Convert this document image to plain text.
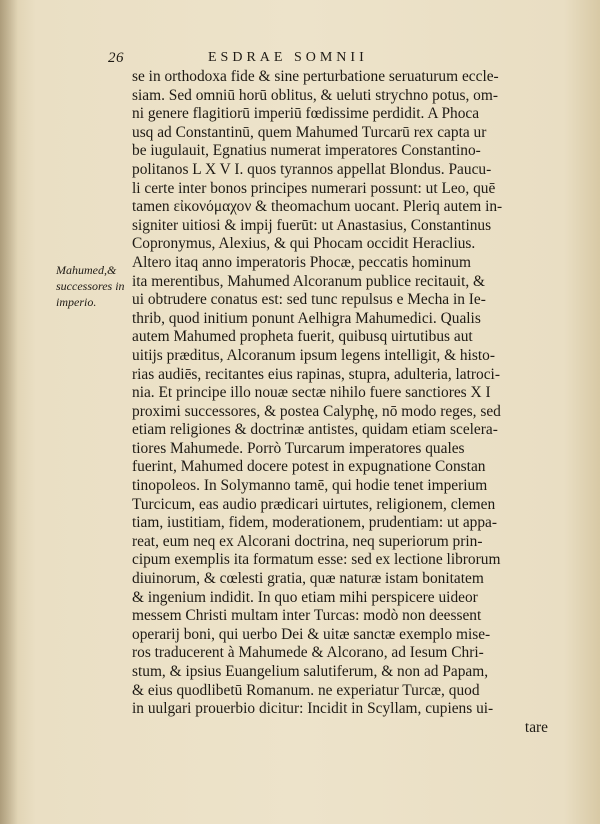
26	ESDRAE SOMNII
Mahumed,&
successores in
imperio.
se in orthodoxa fide & sine perturbatione seruaturum eccle-
siam. Sed omniū horū oblitus, & ueluti strychno potus, om-
ni genere flagitiorū imperiū fœdissime perdidit. A Phoca
usq ad Constantinū, quem Mahumed Turcarū rex capta ur
be iugulauit, Egnatius numerat imperatores Constantino-
politanos L X V I. quos tyrannos appellat Blondus. Paucu-
li certe inter bonos principes numerari possunt: ut Leo, quē
tamen εἰκονόμαχον & theomachum uocant. Pleriq autem in-
signiter uitiosi & impij fuerūt: ut Anastasius, Constantinus
Copronymus, Alexius, & qui Phocam occidit Heraclius.
Altero itaq anno imperatoris Phocæ, peccatis hominum
ita merentibus, Mahumed Alcoranum publice recitauit, &
ui obtrudere conatus est: sed tunc repulsus e Mecha in Ie-
thrib, quod initium ponunt Aelhigra Mahumedici. Qualis
autem Mahumed propheta fuerit, quibusq uirtutibus aut
uitijs præditus, Alcoranum ipsum legens intelligit, & histo-
rias audiēs, recitantes eius rapinas, stupra, adulteria, latroci-
nia. Et principe illo nouæ sectæ nihilo fuere sanctiores X I
proximi successores, & postea Calyphę, nō modo reges, sed
etiam religiones & doctrinæ antistes, quidam etiam scelera-
tiores Mahumede. Porrò Turcarum imperatores quales
fuerint, Mahumed docere potest in expugnatione Constan
tinopoleos. In Solymanno tamē, qui hodie tenet imperium
Turcicum, eas audio prædicari uirtutes, religionem, clemen
tiam, iustitiam, fidem, moderationem, prudentiam: ut appa-
reat, eum neq ex Alcorani doctrina, neq superiorum prin-
cipum exemplis ita formatum esse: sed ex lectione librorum
diuinorum, & cœlesti gratia, quæ naturæ istam bonitatem
& ingenium indidit. In quo etiam mihi perspicere uideor
messem Christi multam inter Turcas: modò non deessent
operarij boni, qui uerbo Dei & uitæ sanctæ exemplo mise-
ros traducerent à Mahumede & Alcorano, ad Iesum Chri-
stum, & ipsius Euangelium salutiferum, & non ad Papam,
& eius quodlibetū Romanum. ne experiatur Turcæ, quod
in uulgari prouerbio dicitur: Incidit in Scyllam, cupiens ui-
tare
